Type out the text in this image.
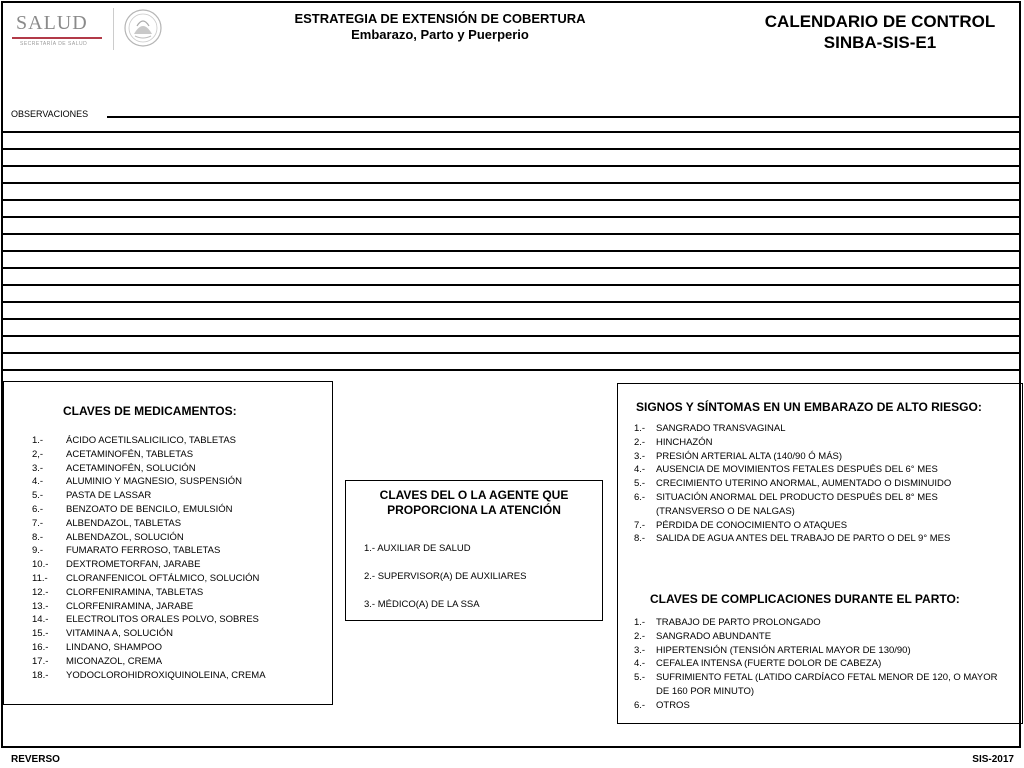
SALUD
SECRETARÍA DE SALUD
ESTRATEGIA DE EXTENSIÓN DE COBERTURA
Embarazo, Parto y Puerperio
CALENDARIO DE CONTROL
SINBA-SIS-E1
OBSERVACIONES
CLAVES DE MEDICAMENTOS:
1.-	ÁCIDO ACETILSALICILICO, TABLETAS
2,-	ACETAMINOFÉN, TABLETAS
3.-	ACETAMINOFÉN, SOLUCIÓN
4.-	ALUMINIO Y MAGNESIO, SUSPENSIÓN
5.-	PASTA DE LASSAR
6.-	BENZOATO DE BENCILO, EMULSIÓN
7.-	ALBENDAZOL, TABLETAS
8.-	ALBENDAZOL, SOLUCIÓN
9.-	FUMARATO FERROSO, TABLETAS
10.-	DEXTROMETORFAN, JARABE
11.-	CLORANFENICOL OFTÁLMICO, SOLUCIÓN
12.-	CLORFENIRAMINA, TABLETAS
13.-	CLORFENIRAMINA, JARABE
14.-	ELECTROLITOS ORALES POLVO, SOBRES
15.-	VITAMINA A, SOLUCIÓN
16.-	LINDANO, SHAMPOO
17.-	MICONAZOL, CREMA
18.-	YODOCLOROHIDROXIQUINOLEINA, CREMA
CLAVES DEL O LA AGENTE QUE
PROPORCIONA LA ATENCIÓN
1.- AUXILIAR DE SALUD
2.- SUPERVISOR(A) DE AUXILIARES
3.- MÉDICO(A) DE LA SSA
SIGNOS Y SÍNTOMAS EN UN EMBARAZO DE ALTO RIESGO:
1.-	SANGRADO TRANSVAGINAL
2.-	HINCHAZÓN
3.-	PRESIÓN ARTERIAL ALTA (140/90 Ó MÁS)
4.-	AUSENCIA DE MOVIMIENTOS FETALES DESPUÉS DEL 6° MES
5.-	CRECIMIENTO UTERINO ANORMAL, AUMENTADO O DISMINUIDO
6.-	SITUACIÓN ANORMAL DEL PRODUCTO DESPUÉS DEL 8° MES (TRANSVERSO O DE NALGAS)
7.-	PÉRDIDA DE CONOCIMIENTO O ATAQUES
8.-	SALIDA DE AGUA ANTES DEL TRABAJO DE PARTO O DEL 9° MES
CLAVES DE COMPLICACIONES DURANTE EL PARTO:
1.-	TRABAJO DE PARTO PROLONGADO
2.-	SANGRADO ABUNDANTE
3.-	HIPERTENSIÓN (TENSIÓN ARTERIAL MAYOR DE 130/90)
4.-	CEFALEA INTENSA (FUERTE DOLOR DE CABEZA)
5.-	SUFRIMIENTO FETAL (LATIDO CARDÍACO FETAL MENOR DE 120, O MAYOR DE 160 POR MINUTO)
6.-	OTROS
REVERSO	SIS-2017
